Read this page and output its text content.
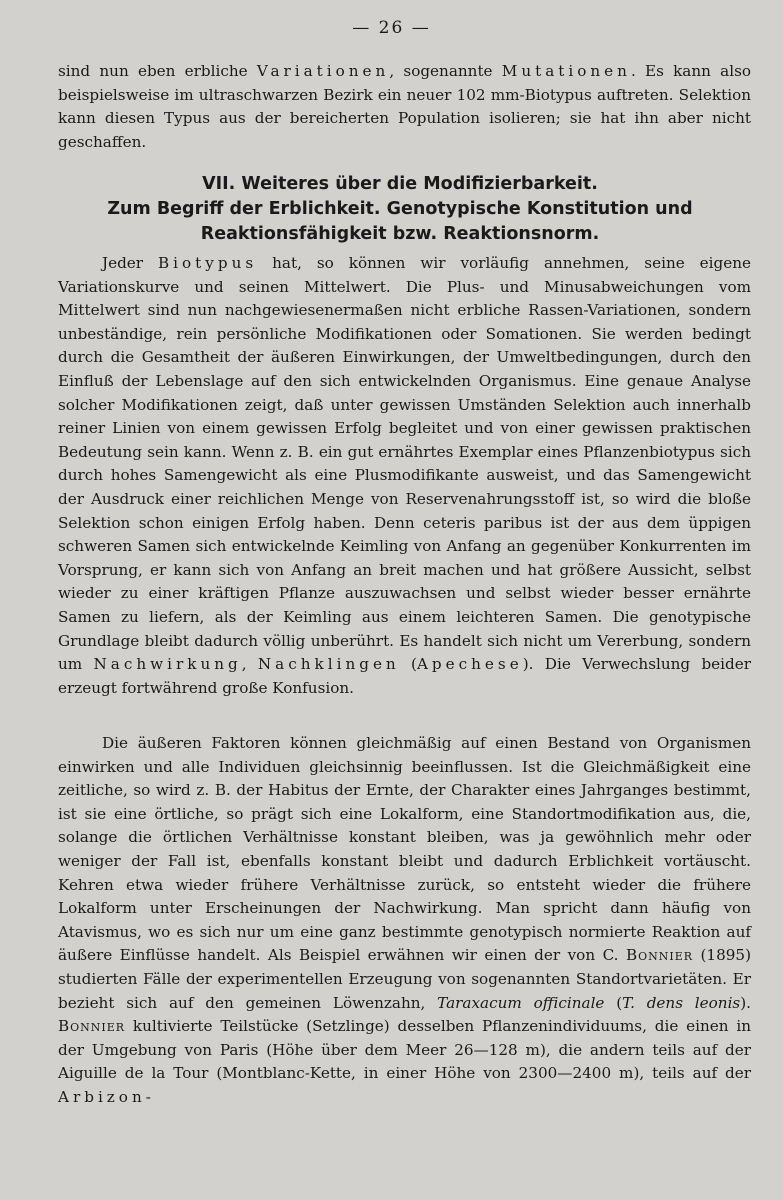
— 26 —

sind nun eben erbliche Variationen, sogenannte Mutationen. Es kann also beispielsweise im ultraschwarzen Bezirk ein neuer 102 mm-Biotypus auftreten. Selektion kann diesen Typus aus der bereicherten Population isolieren; sie hat ihn aber nicht geschaffen.

VII. Weiteres über die Modifizierbarkeit.
Zum Begriff der Erblichkeit. Genotypische Konstitution und Reaktionsfähigkeit bzw. Reaktionsnorm.

Jeder Biotypus hat, so können wir vorläufig annehmen, seine eigene Variationskurve und seinen Mittelwert. Die Plus- und Minusabweichungen vom Mittelwert sind nun nachgewiesenermaßen nicht erbliche Rassen-Variationen, sondern unbeständige, rein persönliche Modifikationen oder Somationen. Sie werden bedingt durch die Gesamtheit der äußeren Einwirkungen, der Umweltbedingungen, durch den Einfluß der Lebenslage auf den sich entwickelnden Organismus. Eine genaue Analyse solcher Modifikationen zeigt, daß unter gewissen Umständen Selektion auch innerhalb reiner Linien von einem gewissen Erfolg begleitet und von einer gewissen praktischen Bedeutung sein kann. Wenn z. B. ein gut ernährtes Exemplar eines Pflanzenbiotypus sich durch hohes Samengewicht als eine Plusmodifikante ausweist, und das Samengewicht der Ausdruck einer reichlichen Menge von Reservenahrungsstoff ist, so wird die bloße Selektion schon einigen Erfolg haben. Denn ceteris paribus ist der aus dem üppigen schweren Samen sich entwickelnde Keimling von Anfang an gegenüber Konkurrenten im Vorsprung, er kann sich von Anfang an breit machen und hat größere Aussicht, selbst wieder zu einer kräftigen Pflanze auszuwachsen und selbst wieder besser ernährte Samen zu liefern, als der Keimling aus einem leichteren Samen. Die genotypische Grundlage bleibt dadurch völlig unberührt. Es handelt sich nicht um Vererbung, sondern um Nachwirkung, Nachklingen (Apechese). Die Verwechslung beider erzeugt fortwährend große Konfusion.

Die äußeren Faktoren können gleichmäßig auf einen Bestand von Organismen einwirken und alle Individuen gleichsinnig beeinflussen. Ist die Gleichmäßigkeit eine zeitliche, so wird z. B. der Habitus der Ernte, der Charakter eines Jahrganges bestimmt, ist sie eine örtliche, so prägt sich eine Lokalform, eine Standortmodifikation aus, die, solange die örtlichen Verhältnisse konstant bleiben, was ja gewöhnlich mehr oder weniger der Fall ist, ebenfalls konstant bleibt und dadurch Erblichkeit vortäuscht. Kehren etwa wieder frühere Verhältnisse zurück, so entsteht wieder die frühere Lokalform unter Erscheinungen der Nachwirkung. Man spricht dann häufig von Atavismus, wo es sich nur um eine ganz bestimmte genotypisch normierte Reaktion auf äußere Einflüsse handelt. Als Beispiel erwähnen wir einen der von C. Bonnier (1895) studierten Fälle der experimentellen Erzeugung von sogenannten Standortvarietäten. Er bezieht sich auf den gemeinen Löwenzahn, Taraxacum officinale (T. dens leonis). Bonnier kultivierte Teilstücke (Setzlinge) desselben Pflanzenindividuums, die einen in der Umgebung von Paris (Höhe über dem Meer 26—128 m), die andern teils auf der Aiguille de la Tour (Montblanc-Kette, in einer Höhe von 2300—2400 m), teils auf der Arbizon-
